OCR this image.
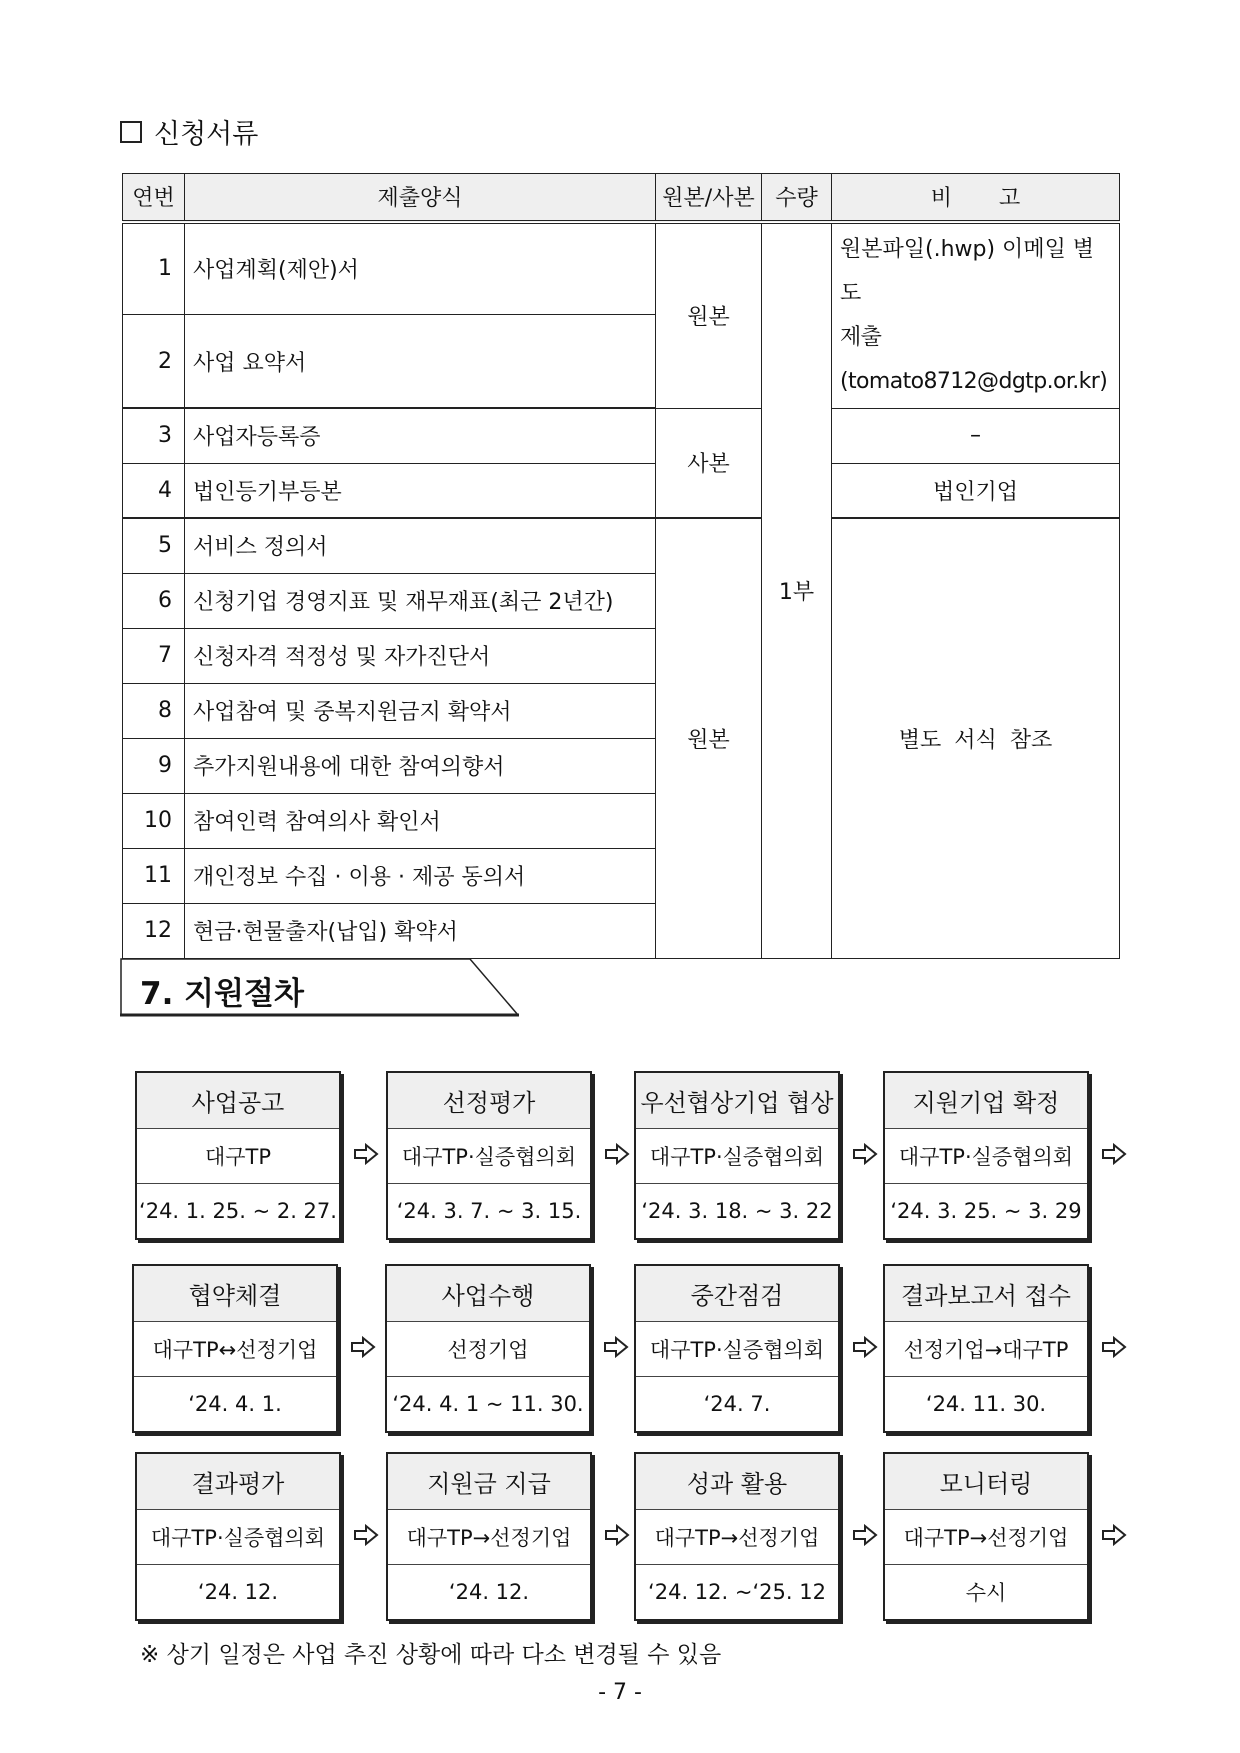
신청서류
연번	제출양식	원본/사본	수량	비 고
1	사업계획(제안)서	원본	1부	원본파일(.hwp) 이메일 별도
제출(tomato8712@dgtp.or.kr)

2	사업 요약서			
3	사업자등록증	사본		–
4	법인등기부등본			법인기업
5	서비스 정의서	원본		별도 서식 참조
6	신청기업 경영지표 및 재무재표(최근 2년간)			
7	신청자격 적정성 및 자가진단서			
8	사업참여 및 중복지원금지 확약서			
9	추가지원내용에 대한 참여의향서			
10	참여인력 참여의사 확인서			
11	개인정보 수집 · 이용 · 제공 동의서			
12	현금·현물출자(납입) 확약서			
7. 지원절차
사업공고
대구TP
‘24. 1. 25. ~ 2. 27.
선정평가
대구TP·실증협의회
‘24. 3. 7. ~ 3. 15.
우선협상기업 협상
대구TP·실증협의회
‘24. 3. 18. ~ 3. 22
지원기업 확정
대구TP·실증협의회
‘24. 3. 25. ~ 3. 29
협약체결
대구TP↔선정기업
‘24. 4. 1.
사업수행
선정기업
‘24. 4. 1 ~ 11. 30.
중간점검
대구TP·실증협의회
‘24. 7.
결과보고서 접수
선정기업→대구TP
‘24. 11. 30.
결과평가
대구TP·실증협의회
‘24. 12.
지원금 지급
대구TP→선정기업
‘24. 12.
성과 활용
대구TP→선정기업
‘24. 12. ~‘25. 12
모니터링
대구TP→선정기업
수시
※ 상기 일정은 사업 추진 상황에 따라 다소 변경될 수 있음
- 7 -
